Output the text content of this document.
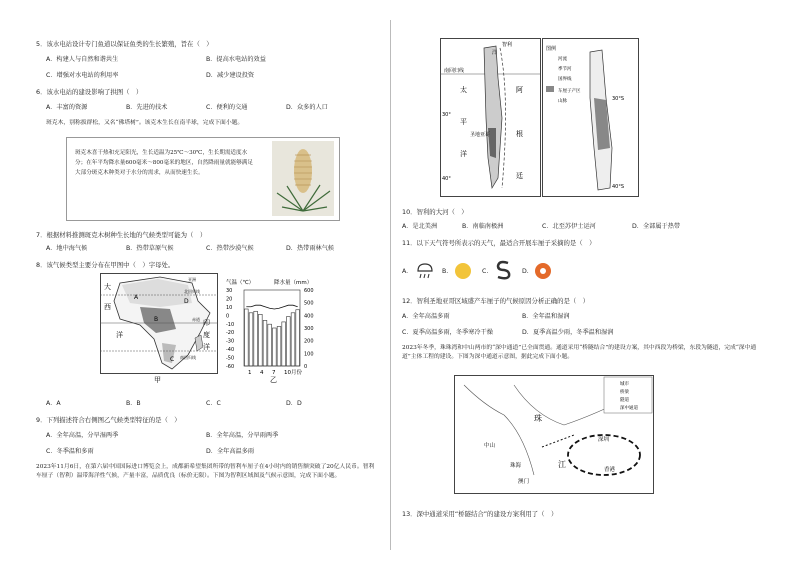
5．该水电站设计专门鱼道以保证鱼类的生长繁殖，旨在（　）
A．构建人与自然和谐共生	B．提高水电站的效益
C．增强对水电站的利用率	D．减少建设投资
6．该水电站的建设影响了拱图（　）
A．丰富的资源	B．先进的技术	C．便利的交通	D．众多的人口
斑克木，别称拔群松，又名“佛塔树”。该克木生长在南半球，完成下面小题。
斑克木喜干热和充足阳光，生长适温为25℃～30℃，生长期需适度水分；在年平均降水量600毫米～800毫米的地区，自然降雨量就能够满足大部分斑克木种类对于水分的需求，从而快速生长。
7．根据材料推测斑克木树种生长地的气候类型可能为（　）
A．地中海气候	B．热带草原气候	C．热带沙漠气候	D．热带雨林气候
8．该气候类型主要分布在甲图中（　）字母处。
大
西
洋
印
度
洋
A
B
C
D
赤道
亚洲
北回归线
南回归线
甲
气温（℃）	降水量（mm）
30
20
10
0
-10
-20
-30
-40
-50
-60
600
500
400
300
200
100
0
1 4 7 10月份
乙
A．A	B．B	C．C	D．D
9．下列描述符合右侧图乙气候类型特征的是（　）
A．全年高温，分旱湿两季	B．全年高温，分旱雨两季
C．冬季温和多雨	D．全年高温多雨
2023年11月6日，在第六届中国国际进口博览会上，成都新希望集团所带的智利车厘子在4小时内的销售额突破了20亿人民币。智利车厘子（智利）温带海洋性气候，产量丰富，品质优良（标价无限）。下图为智利区域图及气候示意图，完成下面小题。
南回归线
太
平
洋
洋
阿
根
廷
智利
圣地亚哥
30°
40°
30°S
40°S
图例
河流
季节河
国界线
车厘子产区
山脉
10．智利的大河（　）
A．是北美洲	B．南临南极洲	C．北至苏伊士运河	D．全部属于热带
11．以下天气符号所表示的天气，最适合开展车厘子采摘的是（　）
A.	B.	C.	D.
12．智利圣地亚哥区域盛产车厘子的气候原因分析正确的是（　）
A．全年高温多雨	B．全年温和湿润
C．夏季高温多雨，冬季寒冷干燥	D．夏季高温少雨，冬季温和湿润
2023年冬季，珠珠湾和中山两市的“深中通道”已全面贯通。通道采用“桥隧结合”的建设方案，其中西段为桥梁，东段为隧道，完成“深中通道”主体工程的建设。下图为深中通道示意图，据此完成下面小题。
珠
江
中山
珠海
澳门
深圳
香港
城市
桥梁
隧道
深中通道
13．深中通道采用“桥隧结合”的建设方案利用了（　）
